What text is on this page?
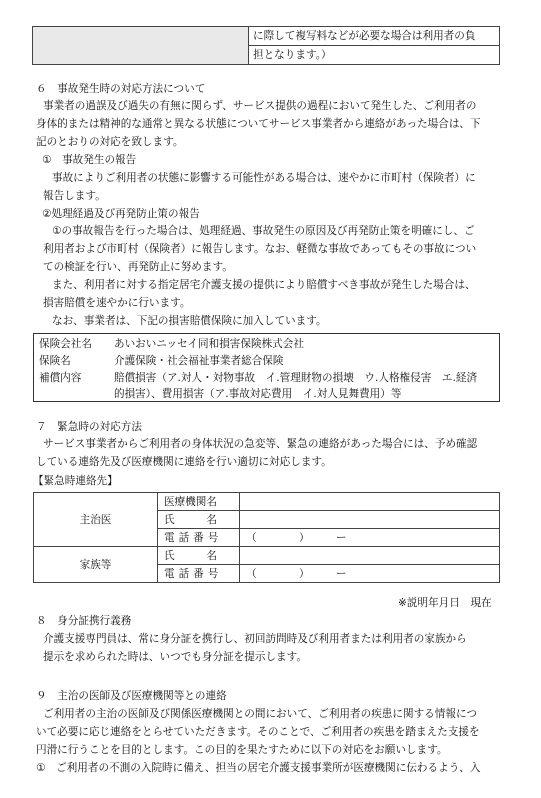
	に際して複写料などが必要な場合は利用者の負
担となります。）
６　事故発生時の対応方法について
事業者の過誤及び過失の有無に関らず、サービス提供の過程において発生した、ご利用者の
身体的または精神的な通常と異なる状態についてサービス事業者から連絡があった場合は、下
記のとおりの対応を致します。
①　事故発生の報告
事故によりご利用者の状態に影響する可能性がある場合は、速やかに市町村（保険者）に
報告します。
②処理経過及び再発防止策の報告
①の事故報告を行った場合は、処理経過、事故発生の原因及び再発防止策を明確にし、ご
利用者および市町村（保険者）に報告します。なお、軽微な事故であってもその事故につい
ての検証を行い、再発防止に努めます。
また、利用者に対する指定居宅介護支援の提供により賠償すべき事故が発生した場合は、
損害賠償を速やかに行います。
なお、事業者は、下記の損害賠償保険に加入しています。
保険会社名 あいおいニッセイ同和損害保険株式会社
保険名	介護保険・社会福祉事業者総合保険
補償内容	賠償損害（ア.対人・対物事故　イ.管理財物の損壊　ウ.人格権侵害　エ.経済
的損害）、費用損害（ア.事故対応費用　イ.対人見舞費用）等
７　緊急時の対応方法
サービス事業者からご利用者の身体状況の急変等、緊急の連絡があった場合には、予め確認
している連絡先及び医療機関に連絡を行い適切に対応します。
【緊急時連絡先】
主治医	医療機関名	
	氏　　　名	
	電話番号	（　　　　）　　　ー
家族等	氏　　　名	
	電話番号	（　　　　）　　　ー
※説明年月日　現在
８　身分証携行義務
介護支援専門員は、常に身分証を携行し、初回訪問時及び利用者または利用者の家族から
提示を求められた時は、いつでも身分証を提示します。
９　主治の医師及び医療機関等との連絡
ご利用者の主治の医師及び関係医療機関との間において、ご利用者の疾患に関する情報につ
いて必要に応じ連絡をとらせていただきます。そのことで、ご利用者の疾患を踏まえた支援を
円滑に行うことを目的とします。この目的を果たすために以下の対応をお願いします。
①　ご利用者の不測の入院時に備え、担当の居宅介護支援事業所が医療機関に伝わるよう、入
